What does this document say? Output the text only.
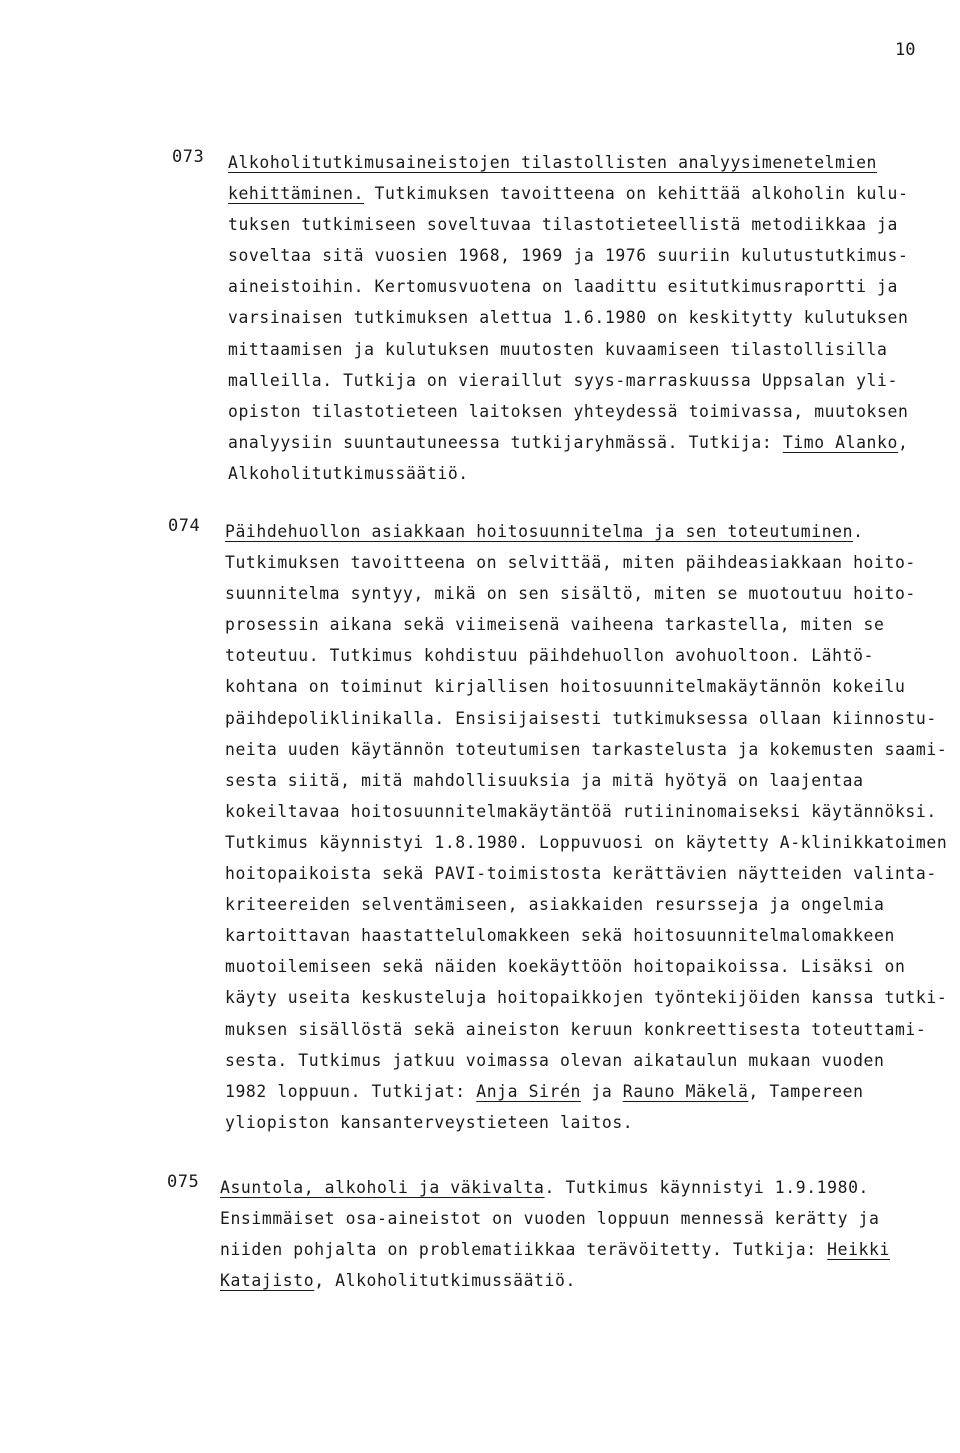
10
073 Alkoholitutkimusaineistojen tilastollisten analyysimenetelmien
kehittäminen. Tutkimuksen tavoitteena on kehittää alkoholin kulu-
tuksen tutkimiseen soveltuvaa tilastotieteellistä metodiikkaa ja
soveltaa sitä vuosien 1968, 1969 ja 1976 suuriin kulutustutkimus-
aineistoihin. Kertomusvuotena on laadittu esitutkimusraportti ja
varsinaisen tutkimuksen alettua 1.6.1980 on keskitytty kulutuksen
mittaamisen ja kulutuksen muutosten kuvaamiseen tilastollisilla
malleilla. Tutkija on vieraillut syys-marraskuussa Uppsalan yli-
opiston tilastotieteen laitoksen yhteydessä toimivassa, muutoksen
analyysiin suuntautuneessa tutkijaryhmässä. Tutkija: Timo Alanko,
Alkoholitutkimussäätiö.
074 Päihdehuollon asiakkaan hoitosuunnitelma ja sen toteutuminen.
Tutkimuksen tavoitteena on selvittää, miten päihdeasiakkaan hoito-
suunnitelma syntyy, mikä on sen sisältö, miten se muotoutuu hoito-
prosessin aikana sekä viimeisenä vaiheena tarkastella, miten se
toteutuu. Tutkimus kohdistuu päihdehuollon avohuoltoon. Lähtö-
kohtana on toiminut kirjallisen hoitosuunnitelmakäytännön kokeilu
päihdepoliklinikalla. Ensisijaisesti tutkimuksessa ollaan kiinnostu-
neita uuden käytännön toteutumisen tarkastelusta ja kokemusten saami-
sesta siitä, mitä mahdollisuuksia ja mitä hyötyä on laajentaa
kokeiltavaa hoitosuunnitelmakäytäntöä rutiininomaiseksi käytännöksi.
Tutkimus käynnistyi 1.8.1980. Loppuvuosi on käytetty A-klinikkatoimen
hoitopaikoista sekä PAVI-toimistosta kerättävien näytteiden valinta-
kriteereiden selventämiseen, asiakkaiden resursseja ja ongelmia
kartoittavan haastattelulomakkeen sekä hoitosuunnitelmalomakkeen
muotoilemiseen sekä näiden koekäyttöön hoitopaikoissa. Lisäksi on
käyty useita keskusteluja hoitopaikkojen työntekijöiden kanssa tutki-
muksen sisällöstä sekä aineiston keruun konkreettisesta toteuttami-
sesta. Tutkimus jatkuu voimassa olevan aikataulun mukaan vuoden
1982 loppuun. Tutkijat: Anja Sirén ja Rauno Mäkelä, Tampereen
yliopiston kansanterveystieteen laitos.
075 Asuntola, alkoholi ja väkivalta. Tutkimus käynnistyi 1.9.1980.
Ensimmäiset osa-aineistot on vuoden loppuun mennessä kerätty ja
niiden pohjalta on problematiikkaa terävöitetty. Tutkija: Heikki
Katajisto, Alkoholitutkimussäätiö.
